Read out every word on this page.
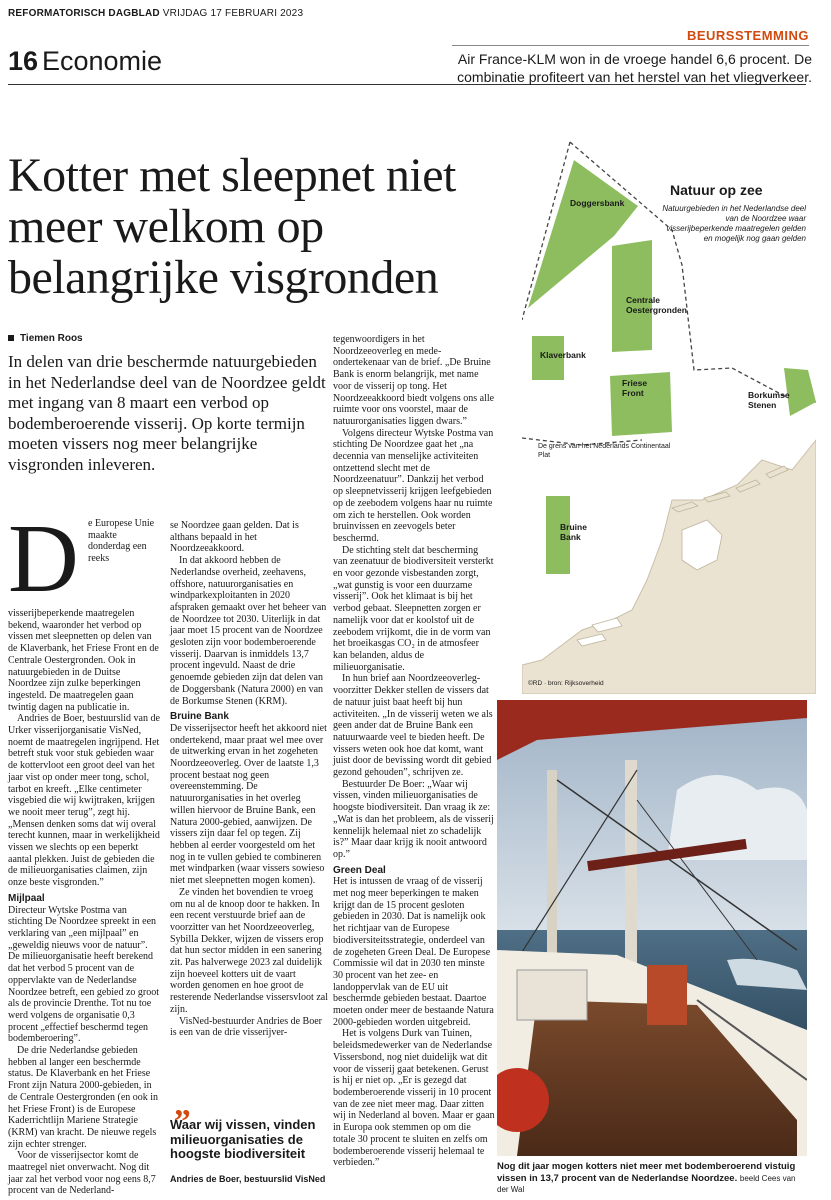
REFORMATORISCH DAGBLAD VRIJDAG 17 FEBRUARI 2023
16 Economie
BEURSSTEMMING
Air France-KLM won in de vroege handel 6,6 procent. De combinatie profiteert van het herstel van het vliegverkeer.
Kotter met sleepnet niet meer welkom op belangrijke visgronden
Tiemen Roos
In delen van drie beschermde natuurgebieden in het Nederlandse deel van de Noordzee geldt met ingang van 8 maart een verbod op bodemberoerende visserij. Op korte termijn moeten vissers nog meer belangrijke visgronden inleveren.
D e Europese Unie maakte donderdag een reeks visserijbeperkende maatregelen bekend, waaronder het verbod op vissen met sleepnetten op delen van de Klaverbank, het Friese Front en de Centrale Oestergronden. Ook in natuurgebieden in de Duitse Noordzee zijn zulke beperkingen ingesteld. De maatregelen gaan twintig dagen na publicatie in.

Andries de Boer, bestuurslid van de Urker visserijorganisatie VisNed, noemt de maatregelen ingrijpend. Het betreft stuk voor stuk gebieden waar de kottervloot een groot deel van het jaar vist op onder meer tong, schol, tarbot en kreeft. „Elke centimeter visgebied die wij kwijtraken, krijgen we nooit meer terug”, zegt hij. „Mensen denken soms dat wij overal terecht kunnen, maar in werkelijkheid vissen we slechts op een beperkt aantal plekken. Juist de gebieden die de milieuorganisaties claimen, zijn onze beste visgronden.”

Mijlpaal

Directeur Wytske Postma van stichting De Noordzee spreekt in een verklaring van „een mijlpaal” en „geweldig nieuws voor de natuur”. De milieuorganisatie heeft berekend dat het verbod 5 procent van de oppervlakte van de Nederlandse Noordzee betreft, een gebied zo groot als de provincie Drenthe. Tot nu toe werd volgens de organisatie 0,3 procent „effectief beschermd tegen bodemberoering”.

De drie Nederlandse gebieden hebben al langer een beschermde status. De Klaverbank en het Friese Front zijn Natura 2000-gebieden, in de Centrale Oestergronden (en ook in het Friese Front) is de Europese Kaderrichtlijn Mariene Strategie (KRM) van kracht. De nieuwe regels zijn echter strenger.

Voor de visserijsector komt de maatregel niet onverwacht. Nog dit jaar zal het verbod voor nog eens 8,7 procent van de Nederland-

se Noordzee gaan gelden. Dat is althans bepaald in het Noordzeeakkoord.

In dat akkoord hebben de Nederlandse overheid, zeehavens, offshore, natuurorganisaties en windparkexploitanten in 2020 afspraken gemaakt over het beheer van de Noordzee tot 2030. Uiterlijk in dat jaar moet 15 procent van de Noordzee gesloten zijn voor bodemberoerende visserij. Daarvan is inmiddels 13,7 procent ingevuld. Naast de drie genoemde gebieden zijn dat delen van de Doggersbank (Natura 2000) en van de Borkumse Stenen (KRM).

Bruine Bank

De visserijsector heeft het akkoord niet ondertekend, maar praat wel mee over de uitwerking ervan in het zogeheten Noordzeeoverleg. Over de laatste 1,3 procent bestaat nog geen overeenstemming. De natuurorganisaties in het overleg willen hiervoor de Bruine Bank, een Natura 2000-gebied, aanwijzen. De vissers zijn daar fel op tegen. Zij hebben al eerder voorgesteld om het nog in te vullen gebied te combineren met windparken (waar vissers sowieso niet met sleepnetten mogen komen).

Ze vinden het bovendien te vroeg om nu al de knoop door te hakken. In een recent verstuurde brief aan de voorzitter van het Noordzeeoverleg, Sybilla Dekker, wijzen de vissers erop dat hun sector midden in een sanering zit. Pas halverwege 2023 zal duidelijk zijn hoeveel kotters uit de vaart worden genomen en hoe groot de resterende Nederlandse vissersvloot zal zijn.

VisNed-bestuurder Andries de Boer is een van de drie visserijver-

„
Waar wij vissen, vinden milieuorganisaties de hoogste biodiversiteit
Andries de Boer, bestuurslid VisNed

tegenwoordigers in het Noordzeeoverleg en mede-ondertekenaar van de brief. „De Bruine Bank is enorm belangrijk, met name voor de visserij op tong. Het Noordzeeakkoord biedt volgens ons alle ruimte voor ons voorstel, maar de natuurorganisaties liggen dwars.”

Volgens directeur Wytske Postma van stichting De Noordzee gaat het „na decennia van menselijke activiteiten ontzettend slecht met de Noordzeenatuur”. Dankzij het verbod op sleepnetvisserij krijgen leefgebieden op de zeebodem volgens haar nu ruimte om zich te herstellen. Ook worden bruinvissen en zeevogels beter beschermd.

De stichting stelt dat bescherming van zeenatuur de biodiversiteit versterkt en voor gezonde visbestanden zorgt, „wat gunstig is voor een duurzame visserij”. Ook het klimaat is bij het verbod gebaat. Sleepnetten zorgen er namelijk voor dat er koolstof uit de zeebodem vrijkomt, die in de vorm van het broeikasgas CO₂ in de atmosfeer kan belanden, aldus de milieuorganisatie.

In hun brief aan Noordzeeoverleg-voorzitter Dekker stellen de vissers dat de natuur juist baat heeft bij hun activiteiten. „In de visserij weten we als geen ander dat de Bruine Bank een natuurwaarde veel te bieden heeft. De vissers weten ook hoe dat komt, want juist door de bevissing wordt dit gebied gezond gehouden”, schrijven ze.

Bestuurder De Boer: „Waar wij vissen, vinden milieuorganisaties de hoogste biodiversiteit. Dan vraag ik ze: „Wat is dan het probleem, als de visserij kennelijk helemaal niet zo schadelijk is?” Maar daar krijg ik nooit antwoord op.”

Green Deal

Het is intussen de vraag of de visserij met nog meer beperkingen te maken krijgt dan de 15 procent gesloten gebieden in 2030. Dat is namelijk ook het richtjaar van de Europese biodiversiteitsstrategie, onderdeel van de zogeheten Green Deal. De Europese Commissie wil dat in 2030 ten minste 30 procent van het zee- en landoppervlak van de EU uit beschermde gebieden bestaat. Daartoe moeten onder meer de bestaande Natura 2000-gebieden worden uitgebreid.

Het is volgens Durk van Tuinen, beleidsmedewerker van de Nederlandse Vissersbond, nog niet duidelijk wat dit voor de visserij gaat betekenen. Gerust is hij er niet op. „Er is gezegd dat bodemberoerende visserij in 10 procent van de zee niet meer mag. Daar zitten wij in Nederland al boven. Maar er gaan in Europa ook stemmen op om die totale 30 procent te sluiten en zelfs om bodemberoerende visserij helemaal te verbieden.”

Natuur op zee
Natuurgebieden in het Nederlandse deel van de Noordzee waar visserijbeperkende maatregelen gelden en mogelijk nog gaan gelden
Doggersbank
Centrale
Oestergronden
Klaverbank
Friese
Front	Borkumse
Stenen
Bruine
Bank
De grens van het Nederlands Continentaal Plat
©RD · bron: Rijksoverheid
Nog dit jaar mogen kotters niet meer met bodemberoerend vistuig vissen in 13,7 procent van de Nederlandse Noordzee. beeld Cees van der Wal
